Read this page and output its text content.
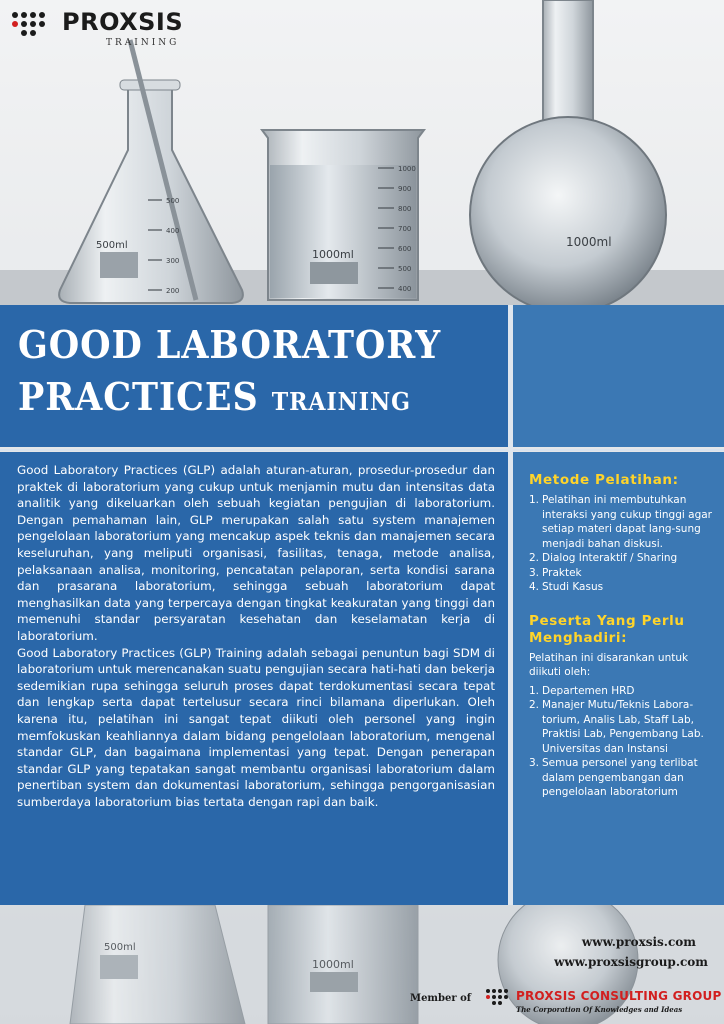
500ml
500
400
300
200
1000ml
1000
900
800
700
600
500
400
1000ml
500ml
1000ml
PROXSIS
TRAINING
GOOD LABORATORY
PRACTICES TRAINING

Good Laboratory Practices (GLP) adalah aturan-aturan, prosedur-prosedur dan praktek di laboratorium yang cukup untuk menjamin mutu dan intensitas data analitik yang dikeluarkan oleh sebuah kegiatan pengujian di laboratorium. Dengan pemahaman lain, GLP merupakan salah satu system manajemen pengelolaan laboratorium yang mencakup aspek teknis dan manajemen secara keseluruhan, yang meliputi organisasi, fasilitas, tenaga, metode analisa, pelaksanaan analisa, monitoring, pencatatan pelaporan, serta kondisi sarana dan prasarana laboratorium, sehingga sebuah laboratorium dapat menghasilkan data yang terpercaya dengan tingkat keakuratan yang tinggi dan memenuhi standar persyaratan kesehatan dan keselamatan kerja di laboratorium.

Good Laboratory Practices (GLP) Training adalah sebagai penuntun bagi SDM di laboratorium untuk merencanakan suatu pengujian secara hati-hati dan bekerja sedemikian rupa sehingga seluruh proses dapat terdokumentasi secara tepat dan lengkap serta dapat tertelusur secara rinci bilamana diperlukan. Oleh karena itu, pelatihan ini sangat tepat diikuti oleh personel yang ingin memfokuskan keahliannya dalam bidang pengelolaan laboratorium, mengenal standar GLP, dan bagaimana implementasi yang tepat. Dengan penerapan standar GLP yang tepatakan sangat membantu organisasi laboratorium dalam penertiban system dan dokumentasi laboratorium, sehingga pengorganisasian sumberdaya laboratorium bias tertata dengan rapi dan baik.

Metode Pelatihan:
1. Pelatihan ini membutuhkan interaksi yang cukup tinggi agar setiap materi dapat lang-sung menjadi bahan diskusi.
2. Dialog Interaktif / Sharing
3. Praktek
4. Studi Kasus
Peserta Yang Perlu
Menghadiri:

Pelatihan ini disarankan untuk diikuti oleh:

1. Departemen HRD
2. Manajer Mutu/Teknis Labora-torium, Analis Lab, Staff Lab, Praktisi Lab, Pengembang Lab. Universitas dan Instansi
3. Semua personel yang terlibat dalam pengembangan dan pengelolaan laboratorium
www.proxsis.com
www.proxsisgroup.com
Member of	PROXSIS CONSULTING GROUP
The Corporation Of Knowledges and Ideas
